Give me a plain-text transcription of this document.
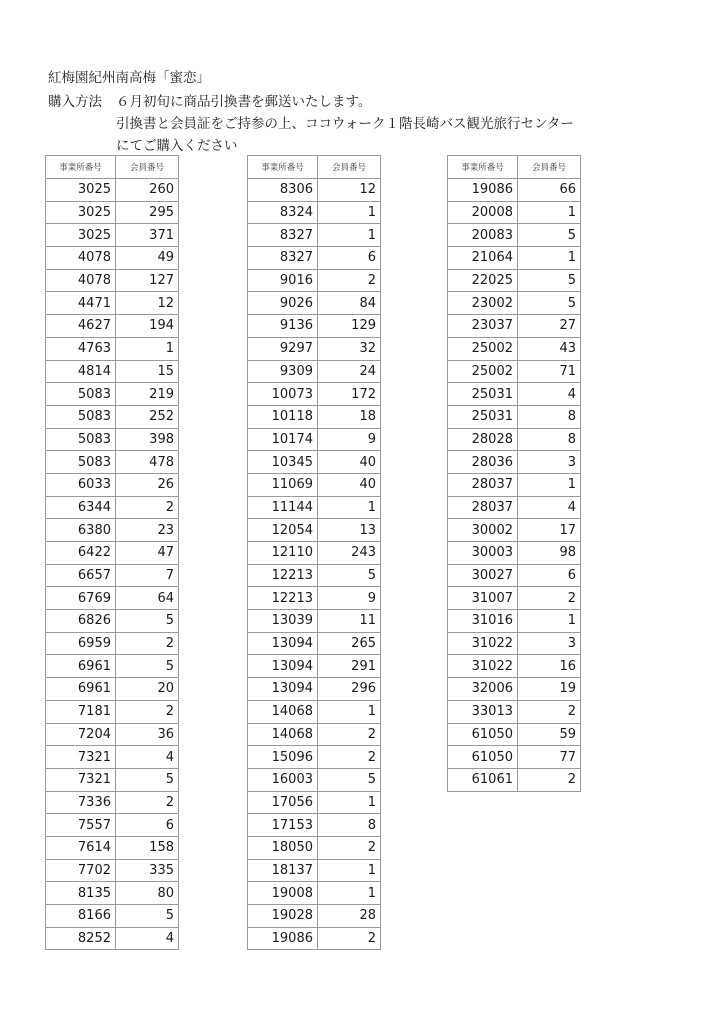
紅梅園紀州南高梅「蜜恋」
購入方法 ６月初旬に商品引換書を郵送いたします。
引換書と会員証をご持参の上、ココウォーク１階長崎バス観光旅行センター
にてご購入ください
事業所番号	会員番号
3025	260
3025	295
3025	371
4078	49
4078	127
4471	12
4627	194
4763	1
4814	15
5083	219
5083	252
5083	398
5083	478
6033	26
6344	2
6380	23
6422	47
6657	7
6769	64
6826	5
6959	2
6961	5
6961	20
7181	2
7204	36
7321	4
7321	5
7336	2
7557	6
7614	158
7702	335
8135	80
8166	5
8252	4
事業所番号	会員番号
8306	12
8324	1
8327	1
8327	6
9016	2
9026	84
9136	129
9297	32
9309	24
10073	172
10118	18
10174	9
10345	40
11069	40
11144	1
12054	13
12110	243
12213	5
12213	9
13039	11
13094	265
13094	291
13094	296
14068	1
14068	2
15096	2
16003	5
17056	1
17153	8
18050	2
18137	1
19008	1
19028	28
19086	2
事業所番号	会員番号
19086	66
20008	1
20083	5
21064	1
22025	5
23002	5
23037	27
25002	43
25002	71
25031	4
25031	8
28028	8
28036	3
28037	1
28037	4
30002	17
30003	98
30027	6
31007	2
31016	1
31022	3
31022	16
32006	19
33013	2
61050	59
61050	77
61061	2
